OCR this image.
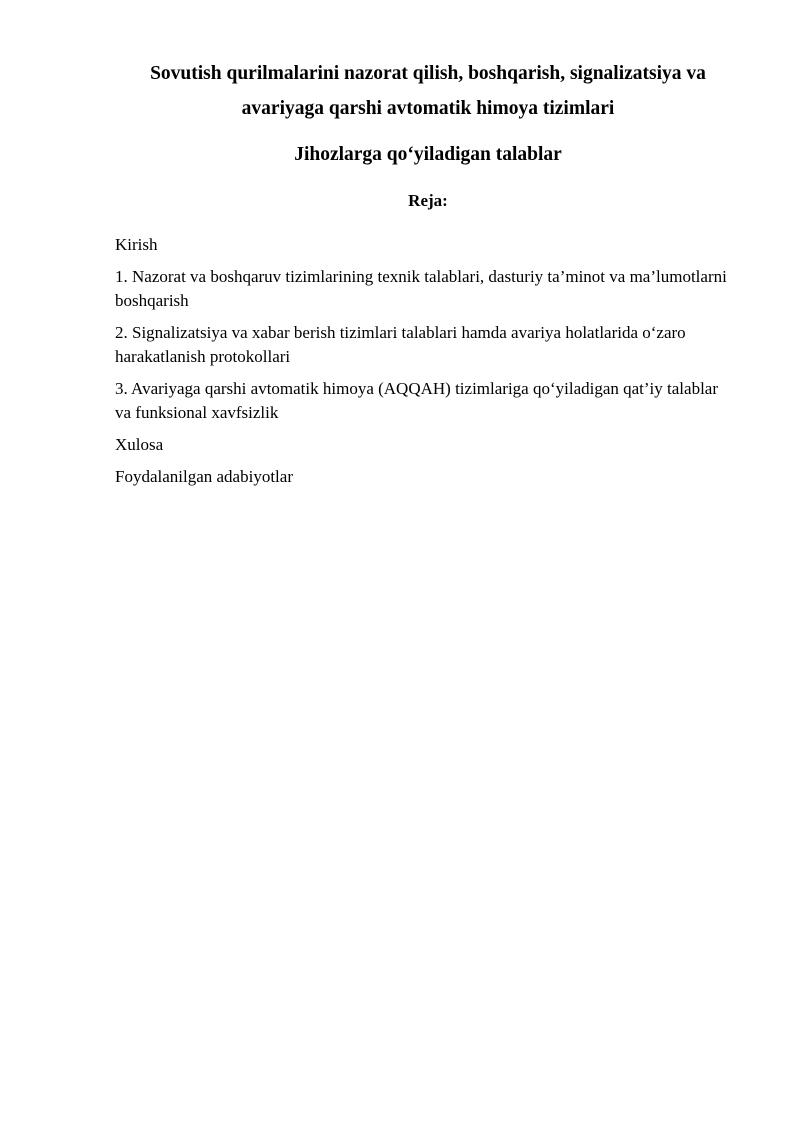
Sovutish qurilmalarini nazorat qilish, boshqarish, signalizatsiya va avariyaga qarshi avtomatik himoya tizimlari
Jihozlarga qo‘yiladigan talablar
Reja:
Kirish
1. Nazorat va boshqaruv tizimlarining texnik talablari, dasturiy ta’minot va ma’lumotlarni boshqarish
2. Signalizatsiya va xabar berish tizimlari talablari hamda avariya holatlarida o‘zaro harakatlanish protokollari
3. Avariyaga qarshi avtomatik himoya (AQQAH) tizimlariga qo‘yiladigan qat’iy talablar va funksional xavfsizlik
Xulosa
Foydalanilgan adabiyotlar
